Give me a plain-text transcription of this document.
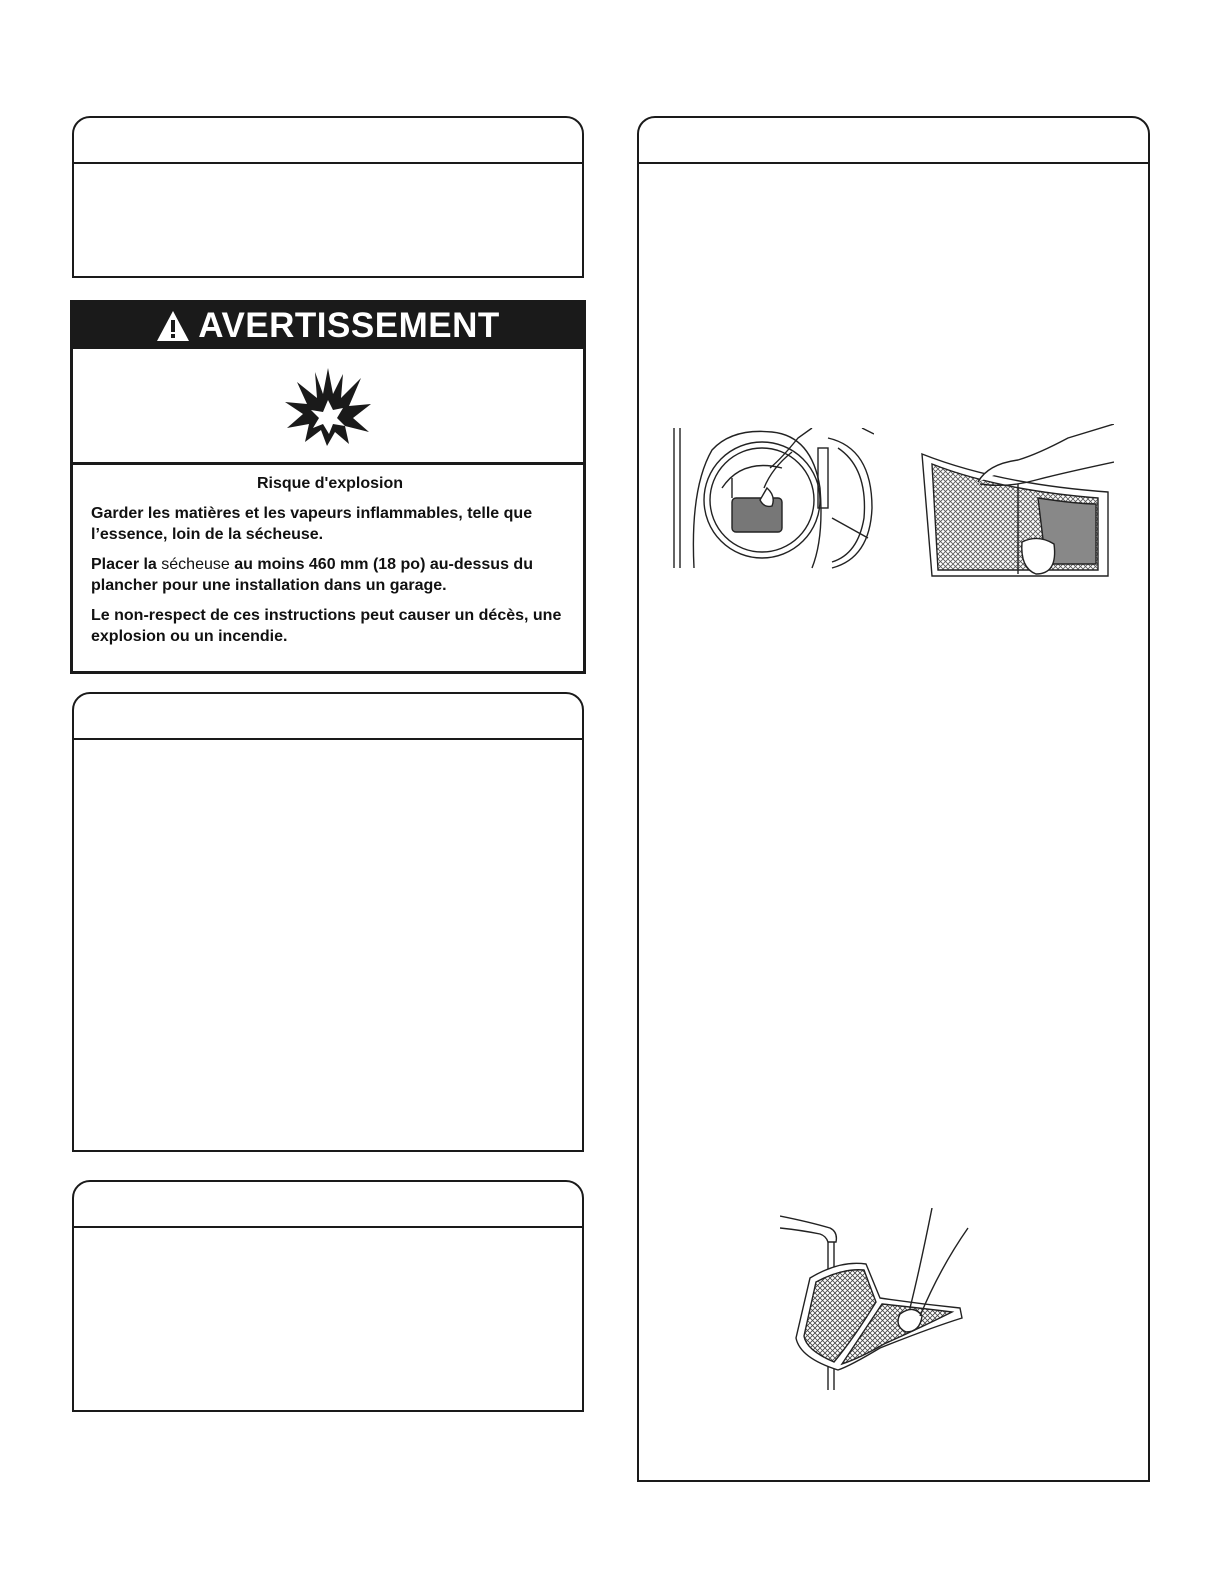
AVERTISSEMENT
Risque d'explosion

Garder les matières et les vapeurs inflammables, telle que l’essence, loin de la sécheuse.

Placer la sécheuse au moins 460 mm (18 po) au-dessus du plancher pour une installation dans un garage.

Le non-respect de ces instructions peut causer un décès, une explosion ou un incendie.
